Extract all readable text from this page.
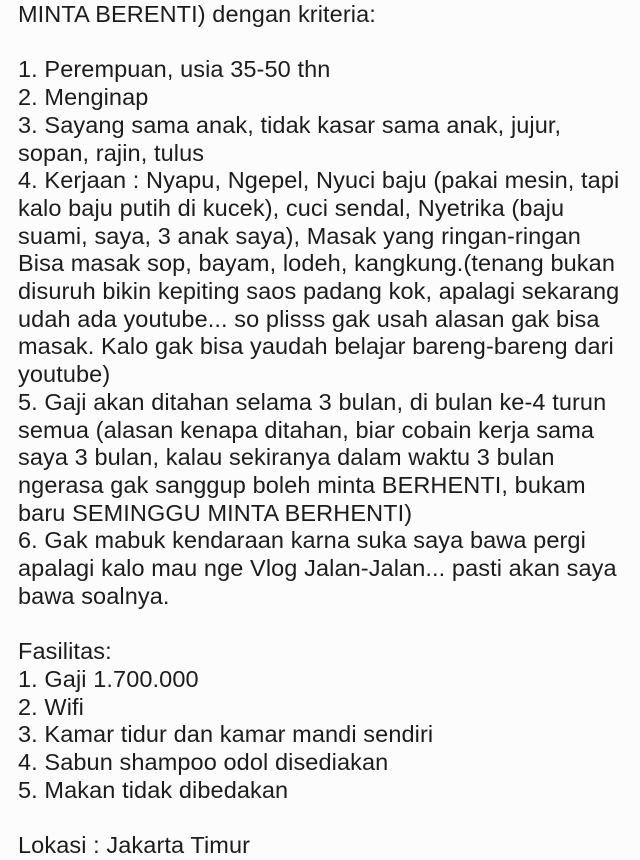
MINTA BERENTI) dengan kriteria:
1. Perempuan, usia 35-50 thn
2. Menginap
3. Sayang sama anak, tidak kasar sama anak, jujur,
sopan, rajin, tulus
4. Kerjaan : Nyapu, Ngepel, Nyuci baju (pakai mesin, tapi
kalo baju putih di kucek), cuci sendal, Nyetrika (baju
suami, saya, 3 anak saya), Masak yang ringan-ringan
Bisa masak sop, bayam, lodeh, kangkung.(tenang bukan
disuruh bikin kepiting saos padang kok, apalagi sekarang
udah ada youtube... so plisss gak usah alasan gak bisa
masak. Kalo gak bisa yaudah belajar bareng-bareng dari
youtube)
5. Gaji akan ditahan selama 3 bulan, di bulan ke-4 turun
semua (alasan kenapa ditahan, biar cobain kerja sama
saya 3 bulan, kalau sekiranya dalam waktu 3 bulan
ngerasa gak sanggup boleh minta BERHENTI, bukam
baru SEMINGGU MINTA BERHENTI)
6. Gak mabuk kendaraan karna suka saya bawa pergi
apalagi kalo mau nge Vlog Jalan-Jalan... pasti akan saya
bawa soalnya.
Fasilitas:
1. Gaji 1.700.000
2. Wifi
3. Kamar tidur dan kamar mandi sendiri
4. Sabun shampoo odol disediakan
5. Makan tidak dibedakan
Lokasi : Jakarta Timur
